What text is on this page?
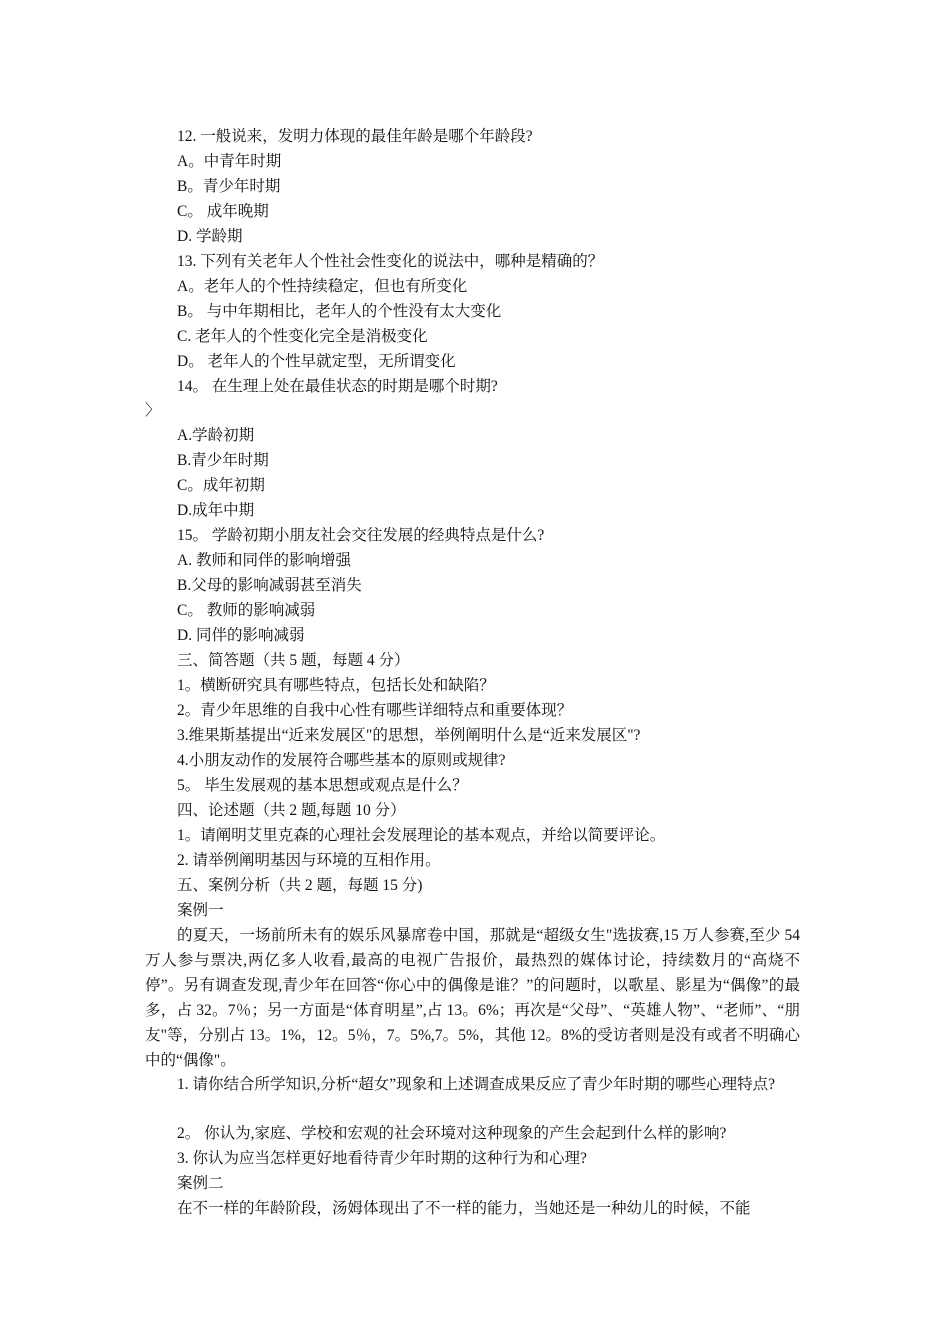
12. 一般说来，发明力体现的最佳年龄是哪个年龄段?
A。中青年时期
B。青少年时期
C。 成年晚期
D. 学龄期
13. 下列有关老年人个性社会性变化的说法中，哪种是精确的？
A。老年人的个性持续稳定，但也有所变化
B。 与中年期相比，老年人的个性没有太大变化
C. 老年人的个性变化完全是消极变化
D。 老年人的个性早就定型，无所谓变化
14。 在生理上处在最佳状态的时期是哪个时期?
〉
A.学龄初期
B.青少年时期
C。成年初期
D.成年中期
15。 学龄初期小朋友社会交往发展的经典特点是什么?
A. 教师和同伴的影响增强
B.父母的影响减弱甚至消失
C。 教师的影响减弱
D. 同伴的影响减弱
三、简答题（共 5 题，每题 4 分）
1。横断研究具有哪些特点，包括长处和缺陷？
2。青少年思维的自我中心性有哪些详细特点和重要体现？
3.维果斯基提出“近来发展区"的思想，举例阐明什么是“近来发展区"?
4.小朋友动作的发展符合哪些基本的原则或规律?
5。 毕生发展观的基本思想或观点是什么？
四、论述题（共 2 题,每题 10 分）
1。请阐明艾里克森的心理社会发展理论的基本观点，并给以简要评论。
2. 请举例阐明基因与环境的互相作用。
五、案例分析（共 2 题，每题 15 分)
案例一
的夏天，一场前所未有的娱乐风暴席卷中国，那就是“超级女生"选拔赛,15 万人参赛,至少 54 万人参与票决,两亿多人收看,最高的电视广告报价，最热烈的媒体讨论，持续数月的“高烧不停”。另有调查发现,青少年在回答“你心中的偶像是谁？”的问题时，以歌星、影星为“偶像”的最多，占 32。7％；另一方面是“体育明星”,占 13。6%；再次是“父母”、“英雄人物”、“老师”、“朋友"等，分别占 13。1%，12。5％，7。5%,7。5%，其他 12。8%的受访者则是没有或者不明确心中的“偶像"。
1. 请你结合所学知识,分析“超女”现象和上述调查成果反应了青少年时期的哪些心理特点?
2。 你认为,家庭、学校和宏观的社会环境对这种现象的产生会起到什么样的影响?
3. 你认为应当怎样更好地看待青少年时期的这种行为和心理?
案例二
在不一样的年龄阶段，汤姆体现出了不一样的能力，当她还是一种幼儿的时候，不能
